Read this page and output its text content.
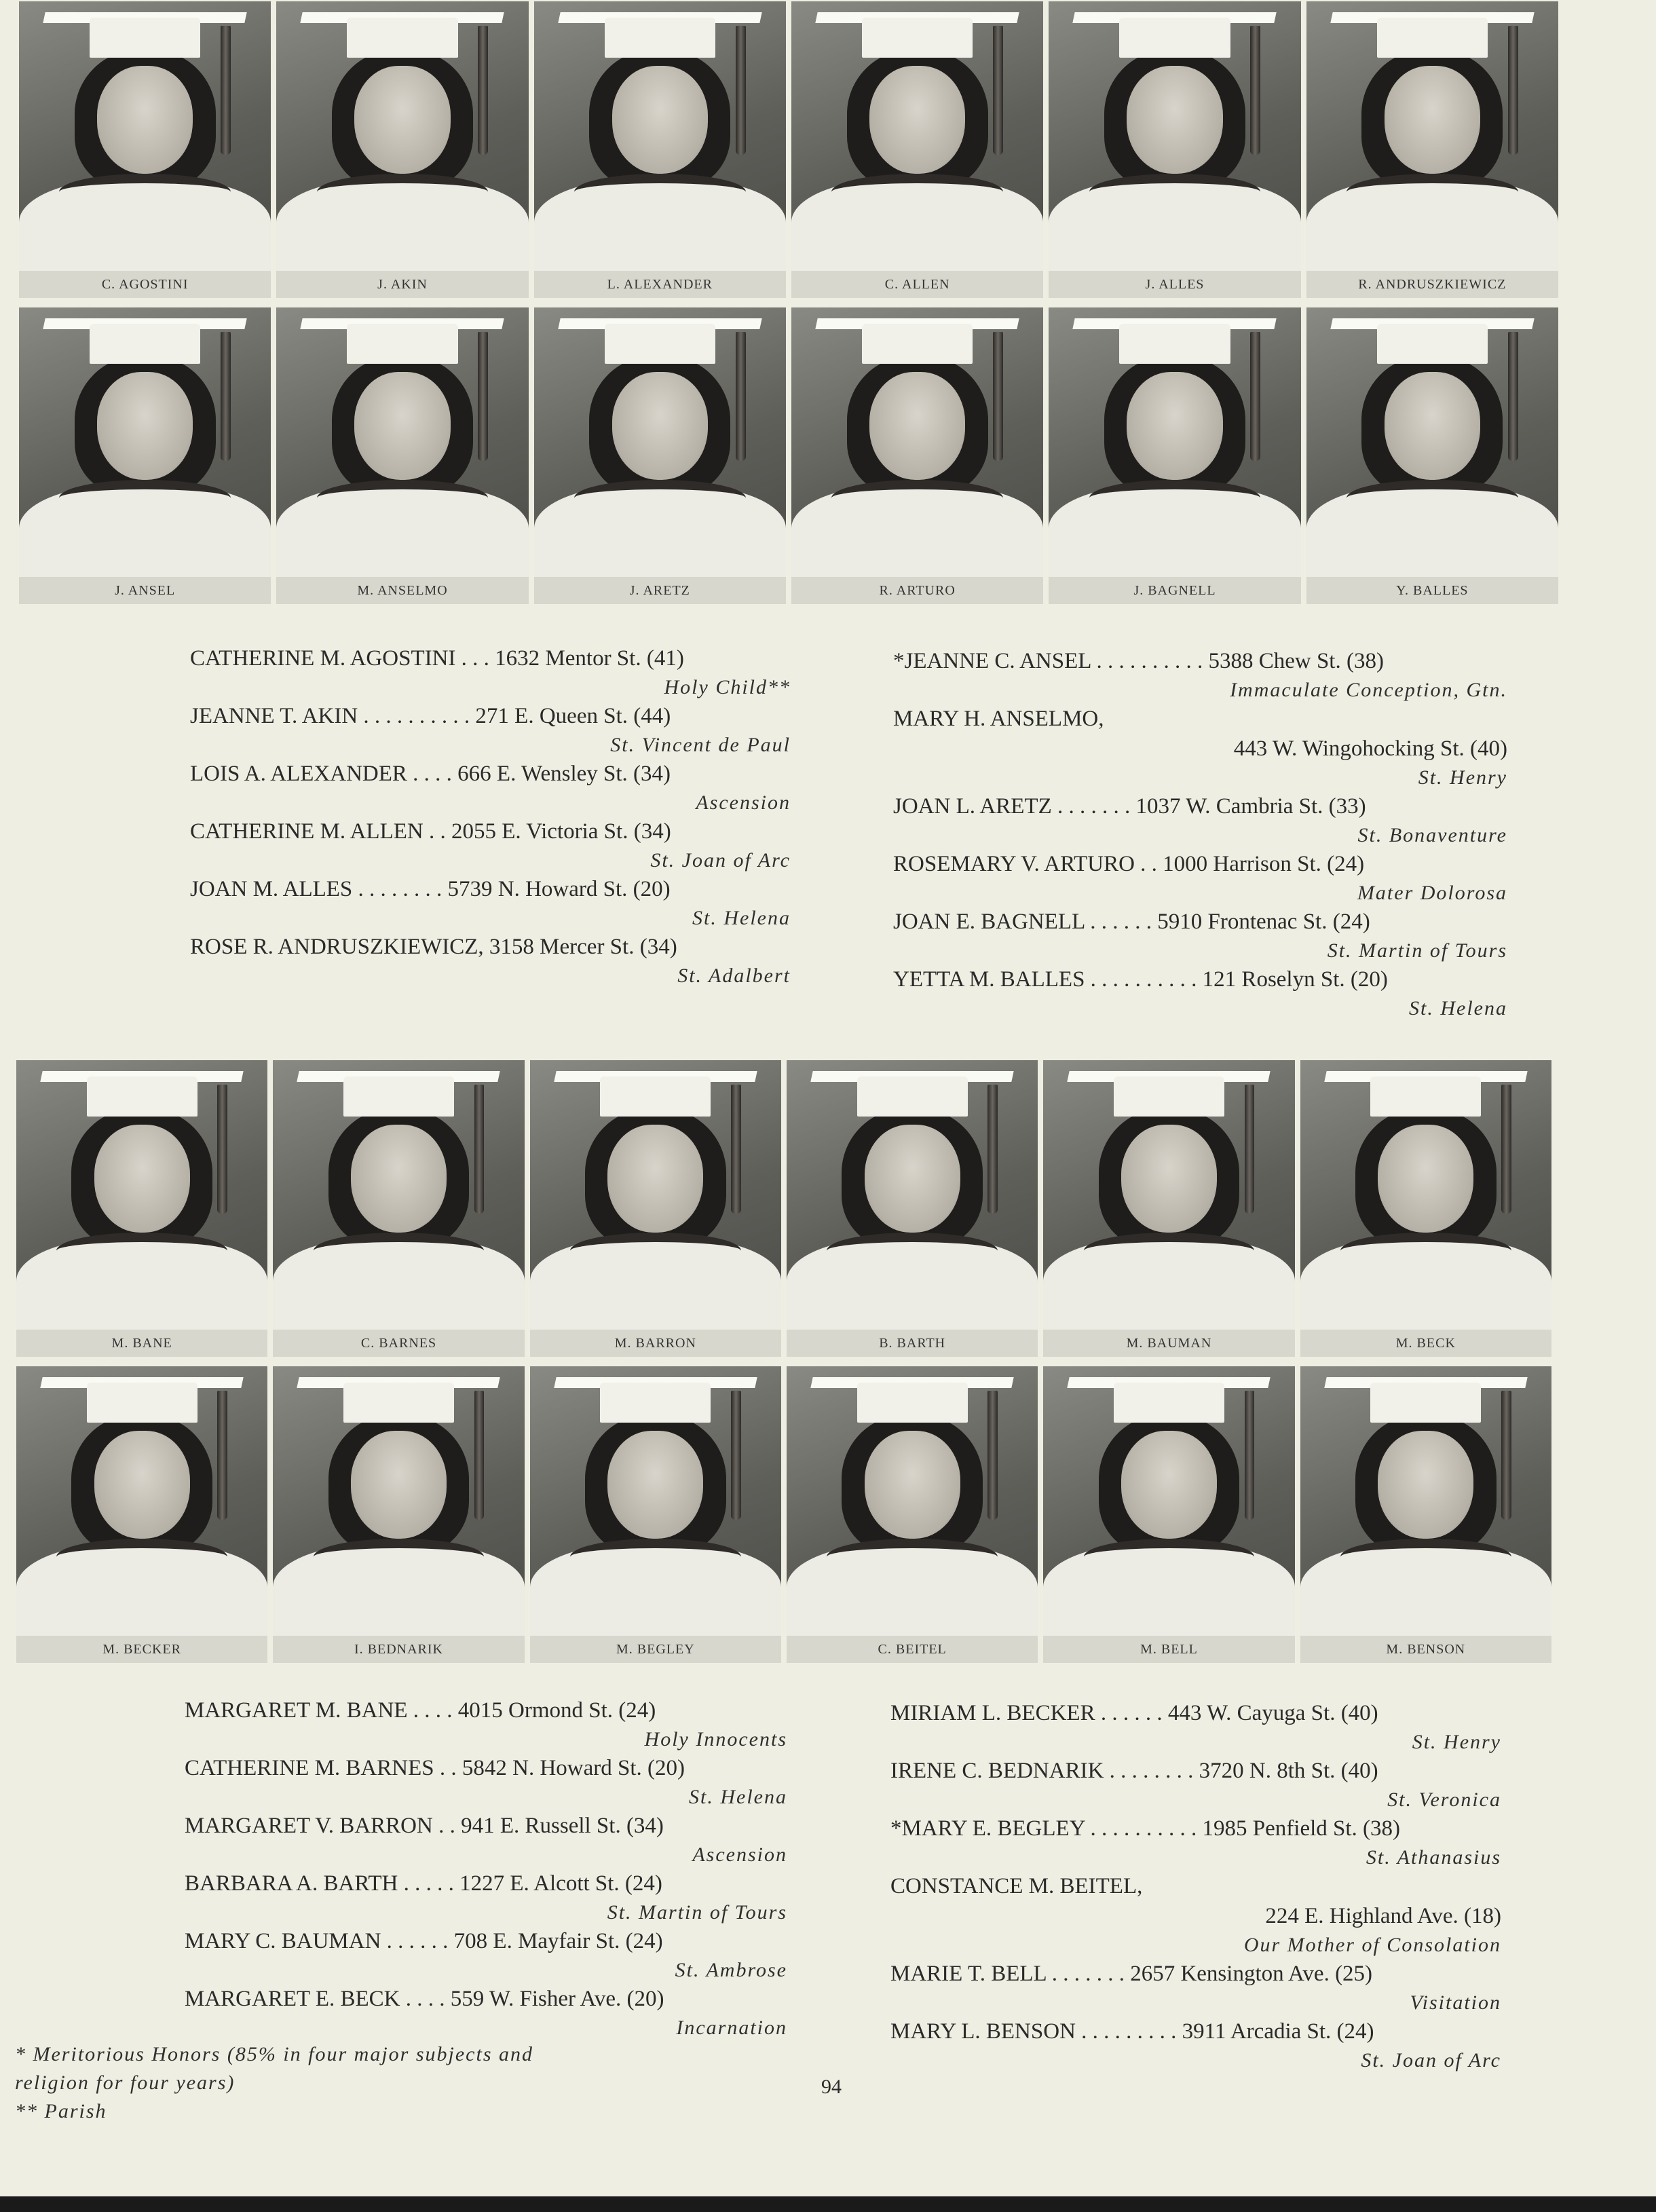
C. AGOSTINI	J. AKIN	L. ALEXANDER	C. ALLEN	J. ALLES	R. ANDRUSZKIEWICZ
J. ANSEL	M. ANSELMO	J. ARETZ	R. ARTURO	J. BAGNELL	Y. BALLES
CATHERINE M. AGOSTINI . . . 1632 Mentor St. (41)
Holy Child**
JEANNE T. AKIN . . . . . . . . . . 271 E. Queen St. (44)
St. Vincent de Paul
LOIS A. ALEXANDER . . . . 666 E. Wensley St. (34)
Ascension
CATHERINE M. ALLEN . . 2055 E. Victoria St. (34)
St. Joan of Arc
JOAN M. ALLES . . . . . . . . 5739 N. Howard St. (20)
St. Helena
ROSE R. ANDRUSZKIEWICZ, 3158 Mercer St. (34)
St. Adalbert
*JEANNE C. ANSEL . . . . . . . . . . 5388 Chew St. (38)
Immaculate Conception, Gtn.
MARY H. ANSELMO,
443 W. Wingohocking St. (40)
St. Henry
JOAN L. ARETZ . . . . . . . 1037 W. Cambria St. (33)
St. Bonaventure
ROSEMARY V. ARTURO . . 1000 Harrison St. (24)
Mater Dolorosa
JOAN E. BAGNELL . . . . . . 5910 Frontenac St. (24)
St. Martin of Tours
YETTA M. BALLES . . . . . . . . . . 121 Roselyn St. (20)
St. Helena
M. BANE	C. BARNES	M. BARRON	B. BARTH	M. BAUMAN	M. BECK
M. BECKER	I. BEDNARIK	M. BEGLEY	C. BEITEL	M. BELL	M. BENSON
MARGARET M. BANE . . . . 4015 Ormond St. (24)
Holy Innocents
CATHERINE M. BARNES . . 5842 N. Howard St. (20)
St. Helena
MARGARET V. BARRON . . 941 E. Russell St. (34)
Ascension
BARBARA A. BARTH . . . . . 1227 E. Alcott St. (24)
St. Martin of Tours
MARY C. BAUMAN . . . . . . 708 E. Mayfair St. (24)
St. Ambrose
MARGARET E. BECK . . . . 559 W. Fisher Ave. (20)
Incarnation
MIRIAM L. BECKER . . . . . . 443 W. Cayuga St. (40)
St. Henry
IRENE C. BEDNARIK . . . . . . . . 3720 N. 8th St. (40)
St. Veronica
*MARY E. BEGLEY . . . . . . . . . . 1985 Penfield St. (38)
St. Athanasius
CONSTANCE M. BEITEL,
224 E. Highland Ave. (18)
Our Mother of Consolation
MARIE T. BELL . . . . . . . 2657 Kensington Ave. (25)
Visitation
MARY L. BENSON . . . . . . . . . 3911 Arcadia St. (24)
St. Joan of Arc
* Meritorious Honors (85% in four major subjects and
religion for four years)
** Parish
94
